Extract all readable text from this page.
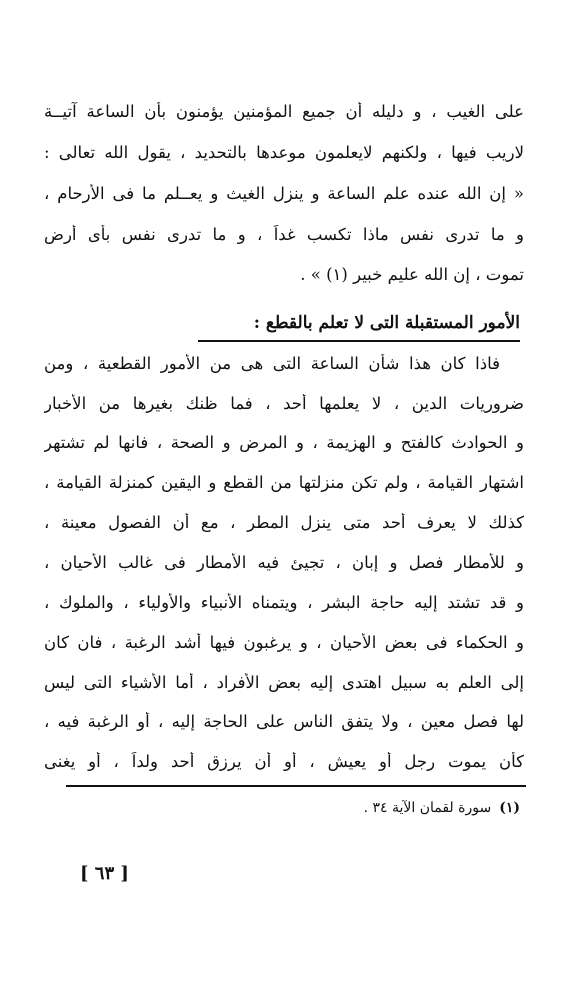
على الغيب ، و دليله أن جميع المؤمنين يؤمنون بأن الساعة آتيــة
لاريب فيها ، ولكنهم لايعلمون موعدها بالتحديد ، يقول الله تعالى :
« إن الله عنده علم الساعة و ينزل الغيث و يعــلم ما فى الأرحام ،
و ما تدرى نفس ماذا تكسب غداً ، و ما تدرى نفس بأى أرض
تموت ، إن الله عليم خبير (١) » .
الأمور المستقبلة التى لا تعلم بالقطع :
فاذا كان هذا شأن الساعة التى هى من الأمور القطعية ، ومن
ضروريات الدين ، لا يعلمها أحد ، فما ظنك بغيرها من الأخبار
و الحوادث كالفتح و الهزيمة ، و المرض و الصحة ، فانها لم تشتهر
اشتهار القيامة ، ولم تكن منزلتها من القطع و اليقين كمنزلة القيامة ،
كذلك لا يعرف أحد متى ينزل المطر ، مع أن الفصول معينة ،
و للأمطار فصل و إبان ، تجيئ فيه الأمطار فى غالب الأحيان ،
و قد تشتد إليه حاجة البشر ، ويتمناه الأنبياء والأولياء ، والملوك ،
و الحكماء فى بعض الأحيان ، و يرغبون فيها أشد الرغبة ، فان كان
إلى العلم به سبيل اهتدى إليه بعض الأفراد ، أما الأشياء التى ليس
لها فصل معين ، ولا يتفق الناس على الحاجة إليه ، أو الرغبة فيه ،
كأن يموت رجل أو يعيش ، أو أن يرزق أحد ولداً ، أو يغنى
(١)سورة لقمان الآية ٣٤ .
[ ٦٣ ]
